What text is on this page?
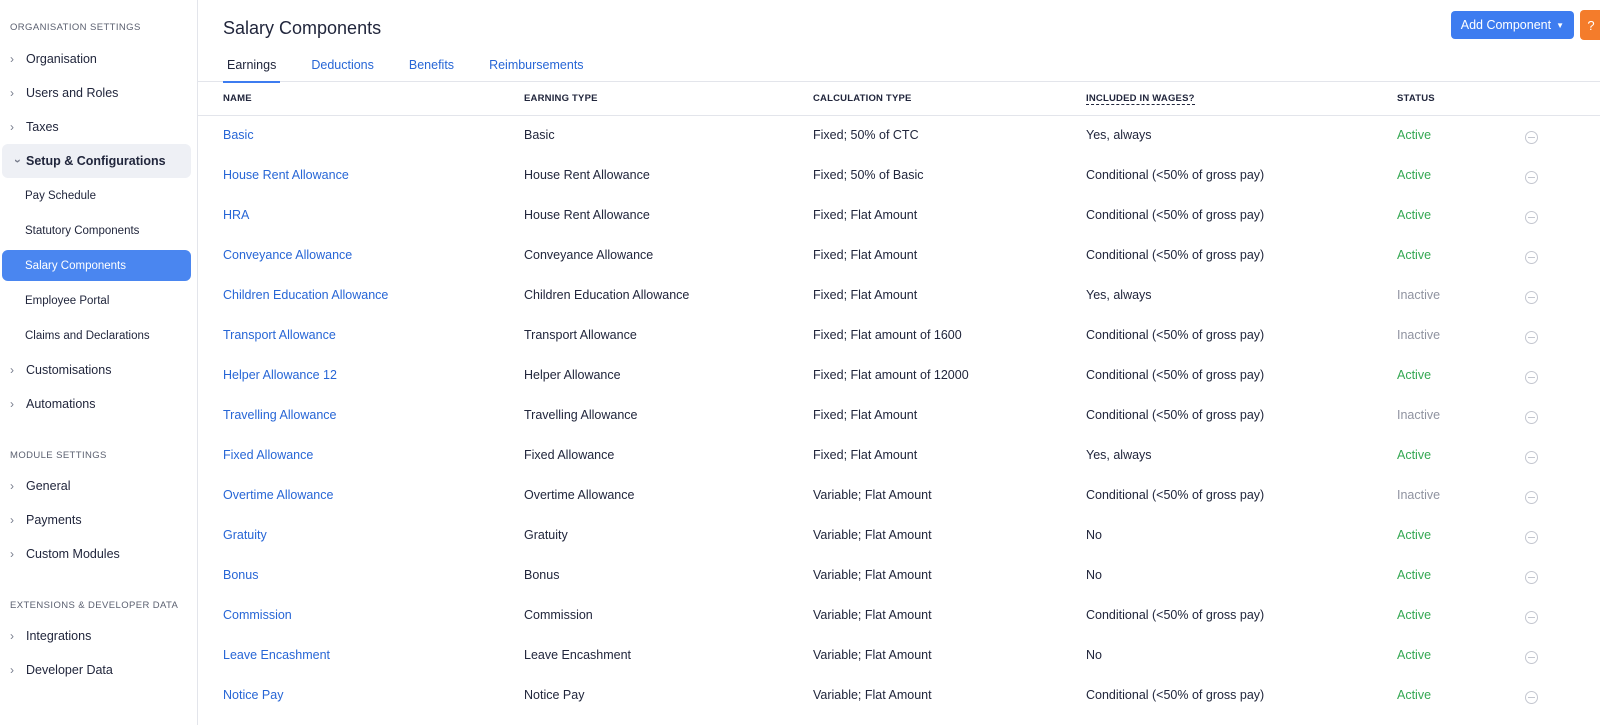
ORGANISATION SETTINGS
› Organisation
› Users and Roles
› Taxes
› Setup & Configurations
Pay Schedule
Statutory Components
Salary Components
Employee Portal
Claims and Declarations
› Customisations
› Automations
MODULE SETTINGS
› General
› Payments
› Custom Modules
EXTENSIONS & DEVELOPER DATA
› Integrations
› Developer Data
Salary Components	Add Component ▼	?
Earnings	Deductions	Benefits	Reimbursements
NAME	EARNING TYPE	CALCULATION TYPE	INCLUDED IN WAGES?	STATUS	
Basic	Basic	Fixed; 50% of CTC	Yes, always	Active	
House Rent Allowance	House Rent Allowance	Fixed; 50% of Basic	Conditional (<50% of gross pay)	Active	
HRA	House Rent Allowance	Fixed; Flat Amount	Conditional (<50% of gross pay)	Active	
Conveyance Allowance	Conveyance Allowance	Fixed; Flat Amount	Conditional (<50% of gross pay)	Active	
Children Education Allowance	Children Education Allowance	Fixed; Flat Amount	Yes, always	Inactive	
Transport Allowance	Transport Allowance	Fixed; Flat amount of 1600	Conditional (<50% of gross pay)	Inactive	
Helper Allowance 12	Helper Allowance	Fixed; Flat amount of 12000	Conditional (<50% of gross pay)	Active	
Travelling Allowance	Travelling Allowance	Fixed; Flat Amount	Conditional (<50% of gross pay)	Inactive	
Fixed Allowance	Fixed Allowance	Fixed; Flat Amount	Yes, always	Active	
Overtime Allowance	Overtime Allowance	Variable; Flat Amount	Conditional (<50% of gross pay)	Inactive	
Gratuity	Gratuity	Variable; Flat Amount	No	Active	
Bonus	Bonus	Variable; Flat Amount	No	Active	
Commission	Commission	Variable; Flat Amount	Conditional (<50% of gross pay)	Active	
Leave Encashment	Leave Encashment	Variable; Flat Amount	No	Active	
Notice Pay	Notice Pay	Variable; Flat Amount	Conditional (<50% of gross pay)	Active	
